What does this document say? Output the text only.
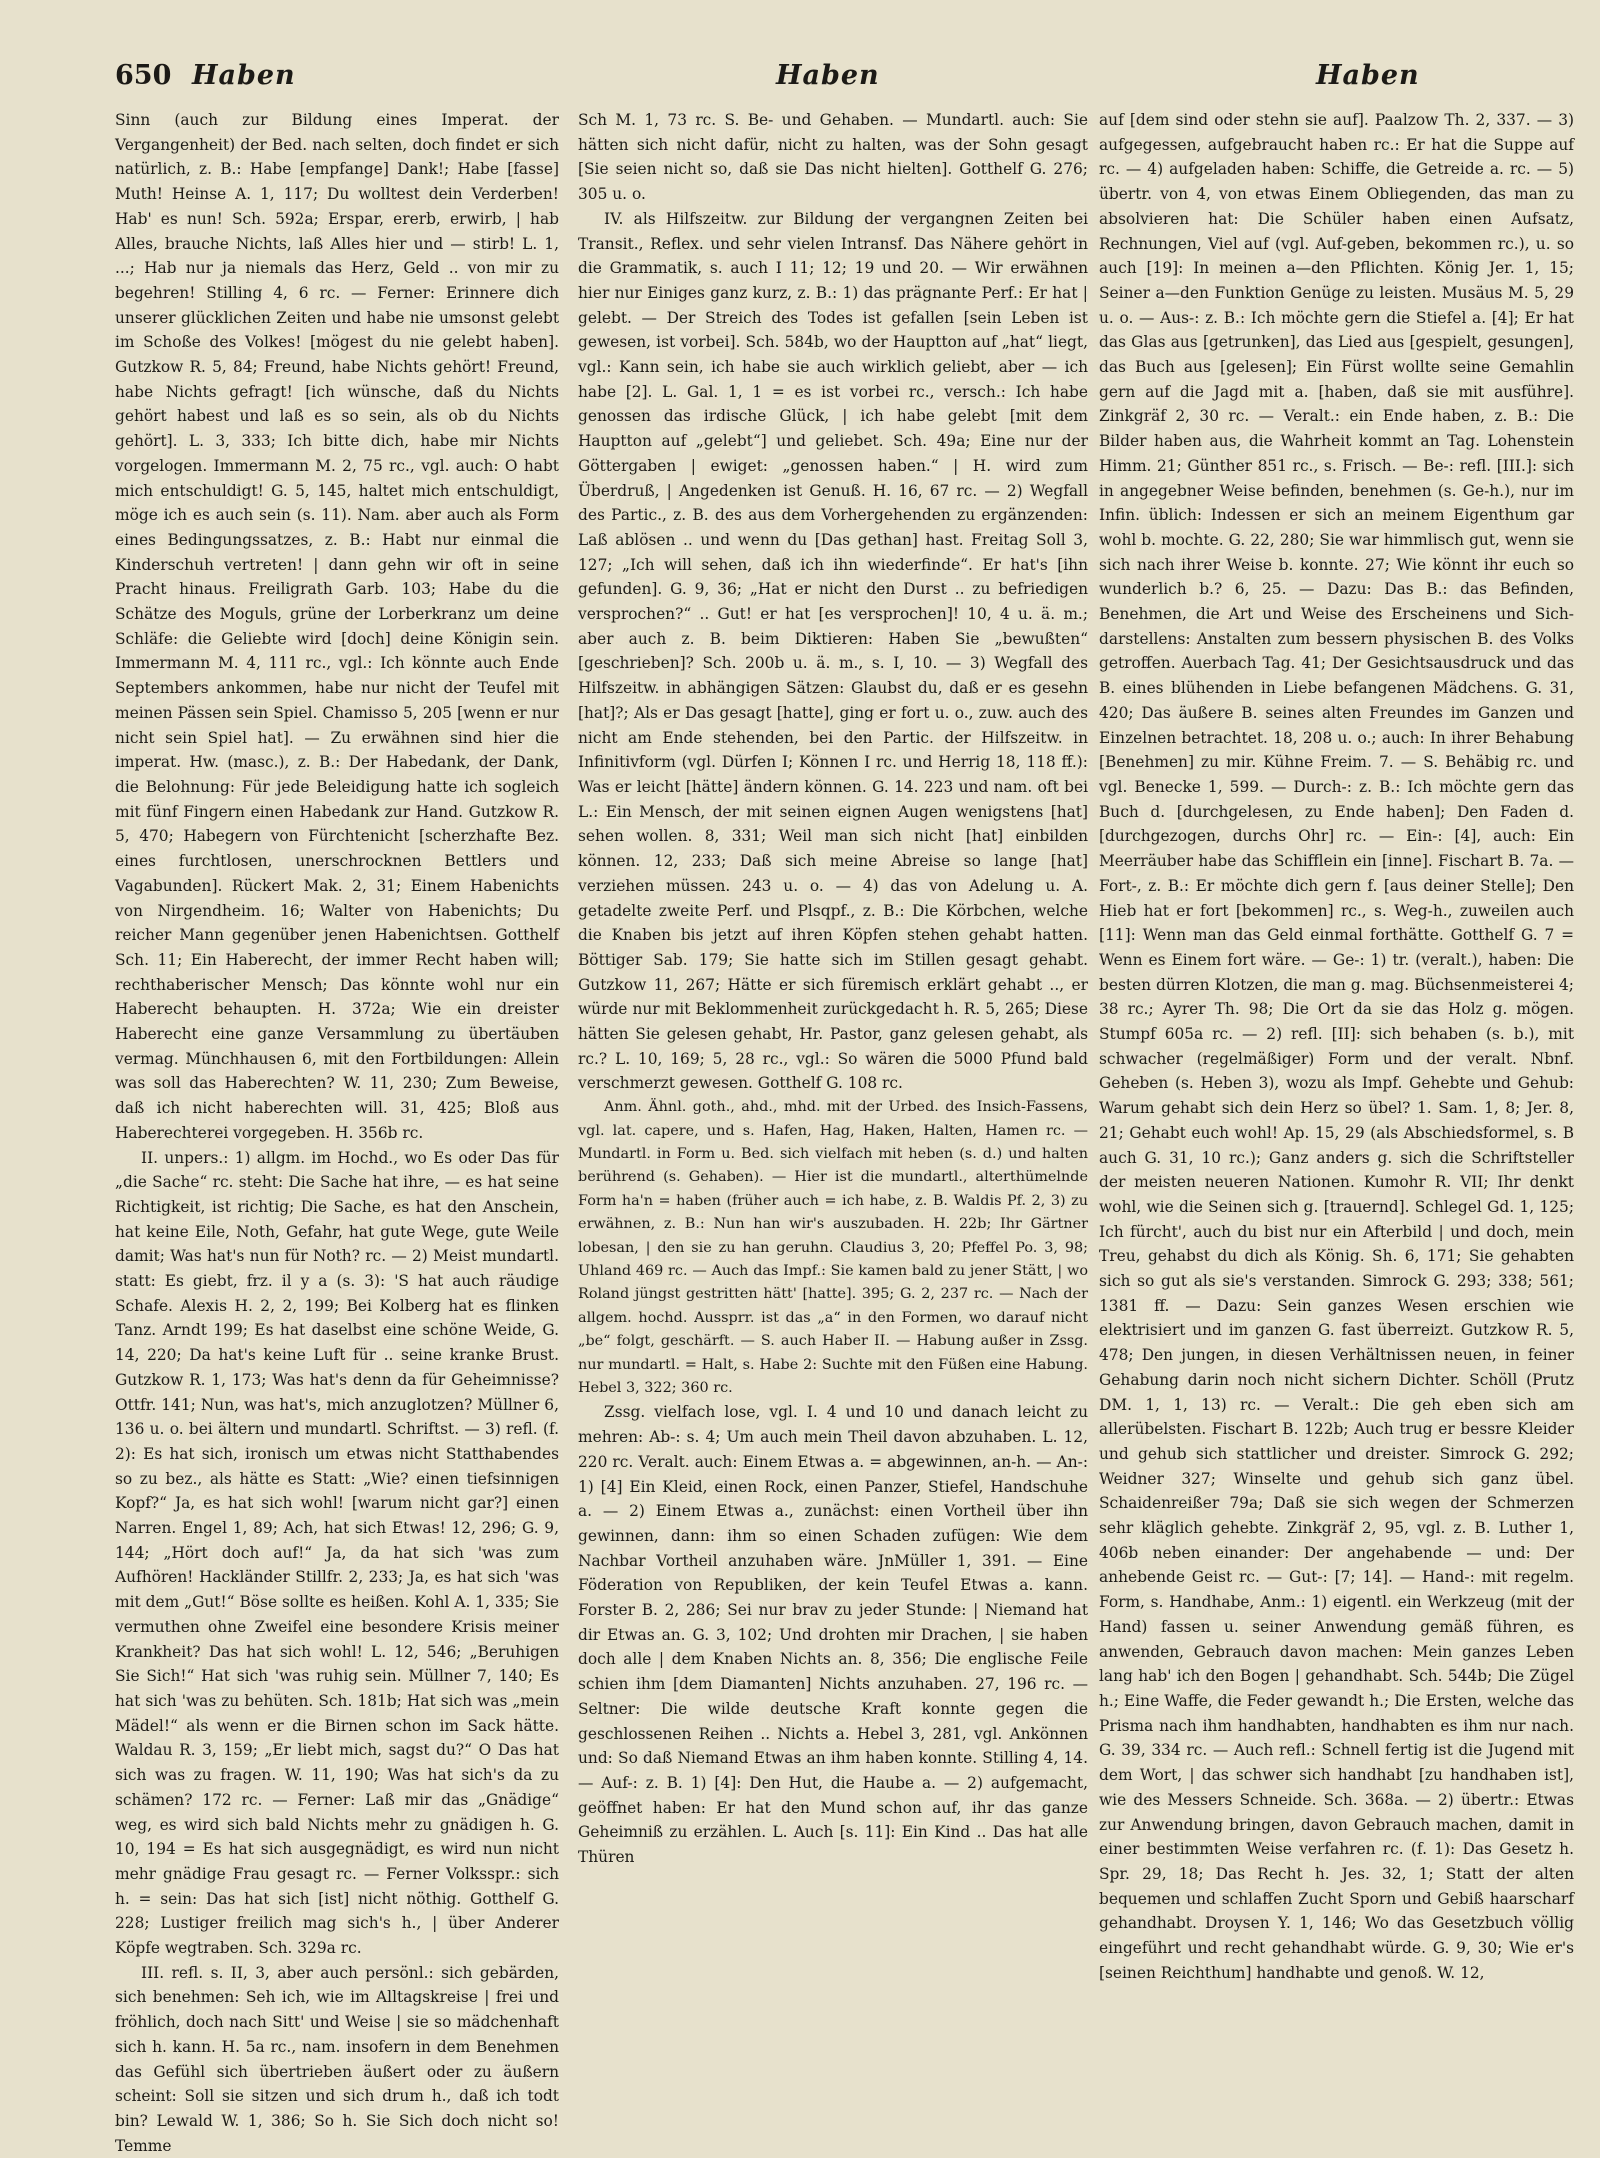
650 Haben	Haben	Haben

Sinn (auch zur Bildung eines Imperat. der Vergangenheit) der Bed. nach selten, doch findet er sich natürlich, z. B.: Habe [empfange] Dank!; Habe [fasse] Muth! Heinse A. 1, 117; Du wolltest dein Verderben! Hab' es nun! Sch. 592a; Erspar, ererb, erwirb, | hab Alles, brauche Nichts, laß Alles hier und — stirb! L. 1, ...; Hab nur ja niemals das Herz, Geld .. von mir zu begehren! Stilling 4, 6 rc. — Ferner: Erinnere dich unserer glücklichen Zeiten und habe nie umsonst gelebt im Schoße des Volkes! [mögest du nie gelebt haben]. Gutzkow R. 5, 84; Freund, habe Nichts gehört! Freund, habe Nichts gefragt! [ich wünsche, daß du Nichts gehört habest und laß es so sein, als ob du Nichts gehört]. L. 3, 333; Ich bitte dich, habe mir Nichts vorgelogen. Immermann M. 2, 75 rc., vgl. auch: O habt mich entschuldigt! G. 5, 145, haltet mich entschuldigt, möge ich es auch sein (s. 11). Nam. aber auch als Form eines Bedingungssatzes, z. B.: Habt nur einmal die Kinderschuh vertreten! | dann gehn wir oft in seine Pracht hinaus. Freiligrath Garb. 103; Habe du die Schätze des Moguls, grüne der Lorberkranz um deine Schläfe: die Geliebte wird [doch] deine Königin sein. Immermann M. 4, 111 rc., vgl.: Ich könnte auch Ende Septembers ankommen, habe nur nicht der Teufel mit meinen Pässen sein Spiel. Chamisso 5, 205 [wenn er nur nicht sein Spiel hat]. — Zu erwähnen sind hier die imperat. Hw. (masc.), z. B.: Der Habedank, der Dank, die Belohnung: Für jede Beleidigung hatte ich sogleich mit fünf Fingern einen Habedank zur Hand. Gutzkow R. 5, 470; Habegern von Fürchtenicht [scherzhafte Bez. eines furchtlosen, unerschrocknen Bettlers und Vagabunden]. Rückert Mak. 2, 31; Einem Habenichts von Nirgendheim. 16; Walter von Habenichts; Du reicher Mann gegenüber jenen Habenichtsen. Gotthelf Sch. 11; Ein Haberecht, der immer Recht haben will; rechthaberischer Mensch; Das könnte wohl nur ein Haberecht behaupten. H. 372a; Wie ein dreister Haberecht eine ganze Versammlung zu übertäuben vermag. Münchhausen 6, mit den Fortbildungen: Allein was soll das Haberechten? W. 11, 230; Zum Beweise, daß ich nicht haberechten will. 31, 425; Bloß aus Haberechterei vorgegeben. H. 356b rc.

II. unpers.: 1) allgm. im Hochd., wo Es oder Das für „die Sache“ rc. steht: Die Sache hat ihre, — es hat seine Richtigkeit, ist richtig; Die Sache, es hat den Anschein, hat keine Eile, Noth, Gefahr, hat gute Wege, gute Weile damit; Was hat's nun für Noth? rc. — 2) Meist mundartl. statt: Es giebt, frz. il y a (s. 3): 'S hat auch räudige Schafe. Alexis H. 2, 2, 199; Bei Kolberg hat es flinken Tanz. Arndt 199; Es hat daselbst eine schöne Weide, G. 14, 220; Da hat's keine Luft für .. seine kranke Brust. Gutzkow R. 1, 173; Was hat's denn da für Geheimnisse? Ottfr. 141; Nun, was hat's, mich anzuglotzen? Müllner 6, 136 u. o. bei ältern und mundartl. Schriftst. — 3) refl. (f. 2): Es hat sich, ironisch um etwas nicht Statthabendes so zu bez., als hätte es Statt: „Wie? einen tiefsinnigen Kopf?“ Ja, es hat sich wohl! [warum nicht gar?] einen Narren. Engel 1, 89; Ach, hat sich Etwas! 12, 296; G. 9, 144; „Hört doch auf!“ Ja, da hat sich 'was zum Aufhören! Hackländer Stillfr. 2, 233; Ja, es hat sich 'was mit dem „Gut!“ Böse sollte es heißen. Kohl A. 1, 335; Sie vermuthen ohne Zweifel eine besondere Krisis meiner Krankheit? Das hat sich wohl! L. 12, 546; „Beruhigen Sie Sich!“ Hat sich 'was ruhig sein. Müllner 7, 140; Es hat sich 'was zu behüten. Sch. 181b; Hat sich was „mein Mädel!“ als wenn er die Birnen schon im Sack hätte. Waldau R. 3, 159; „Er liebt mich, sagst du?“ O Das hat sich was zu fragen. W. 11, 190; Was hat sich's da zu schämen? 172 rc. — Ferner: Laß mir das „Gnädige“ weg, es wird sich bald Nichts mehr zu gnädigen h. G. 10, 194 = Es hat sich ausgegnädigt, es wird nun nicht mehr gnädige Frau gesagt rc. — Ferner Volksspr.: sich h. = sein: Das hat sich [ist] nicht nöthig. Gotthelf G. 228; Lustiger freilich mag sich's h., | über Anderer Köpfe wegtraben. Sch. 329a rc.

III. refl. s. II, 3, aber auch persönl.: sich gebärden, sich benehmen: Seh ich, wie im Alltagskreise | frei und fröhlich, doch nach Sitt' und Weise | sie so mädchenhaft sich h. kann. H. 5a rc., nam. insofern in dem Benehmen das Gefühl sich übertrieben äußert oder zu äußern scheint: Soll sie sitzen und sich drum h., daß ich todt bin? Lewald W. 1, 386; So h. Sie Sich doch nicht so! Temme

Sch M. 1, 73 rc. S. Be- und Gehaben. — Mundartl. auch: Sie hätten sich nicht dafür, nicht zu halten, was der Sohn gesagt [Sie seien nicht so, daß sie Das nicht hielten]. Gotthelf G. 276; 305 u. o.

IV. als Hilfszeitw. zur Bildung der vergangnen Zeiten bei Transit., Reflex. und sehr vielen Intransf. Das Nähere gehört in die Grammatik, s. auch I 11; 12; 19 und 20. — Wir erwähnen hier nur Einiges ganz kurz, z. B.: 1) das prägnante Perf.: Er hat | gelebt. — Der Streich des Todes ist gefallen [sein Leben ist gewesen, ist vorbei]. Sch. 584b, wo der Hauptton auf „hat“ liegt, vgl.: Kann sein, ich habe sie auch wirklich geliebt, aber — ich habe [2]. L. Gal. 1, 1 = es ist vorbei rc., versch.: Ich habe genossen das irdische Glück, | ich habe gelebt [mit dem Hauptton auf „gelebt“] und geliebet. Sch. 49a; Eine nur der Göttergaben | ewiget: „genossen haben.“ | H. wird zum Überdruß, | Angedenken ist Genuß. H. 16, 67 rc. — 2) Wegfall des Partic., z. B. des aus dem Vorhergehenden zu ergänzenden: Laß ablösen .. und wenn du [Das gethan] hast. Freitag Soll 3, 127; „Ich will sehen, daß ich ihn wiederfinde“. Er hat's [ihn gefunden]. G. 9, 36; „Hat er nicht den Durst .. zu befriedigen versprochen?“ .. Gut! er hat [es versprochen]! 10, 4 u. ä. m.; aber auch z. B. beim Diktieren: Haben Sie „bewußten“ [geschrieben]? Sch. 200b u. ä. m., s. I, 10. — 3) Wegfall des Hilfszeitw. in abhängigen Sätzen: Glaubst du, daß er es gesehn [hat]?; Als er Das gesagt [hatte], ging er fort u. o., zuw. auch des nicht am Ende stehenden, bei den Partic. der Hilfszeitw. in Infinitivform (vgl. Dürfen I; Können I rc. und Herrig 18, 118 ff.): Was er leicht [hätte] ändern können. G. 14. 223 und nam. oft bei L.: Ein Mensch, der mit seinen eignen Augen wenigstens [hat] sehen wollen. 8, 331; Weil man sich nicht [hat] einbilden können. 12, 233; Daß sich meine Abreise so lange [hat] verziehen müssen. 243 u. o. — 4) das von Adelung u. A. getadelte zweite Perf. und Plsqpf., z. B.: Die Körbchen, welche die Knaben bis jetzt auf ihren Köpfen stehen gehabt hatten. Böttiger Sab. 179; Sie hatte sich im Stillen gesagt gehabt. Gutzkow 11, 267; Hätte er sich füremisch erklärt gehabt .., er würde nur mit Beklommenheit zurückgedacht h. R. 5, 265; Diese hätten Sie gelesen gehabt, Hr. Pastor, ganz gelesen gehabt, als rc.? L. 10, 169; 5, 28 rc., vgl.: So wären die 5000 Pfund bald verschmerzt gewesen. Gotthelf G. 108 rc.

Anm. Ähnl. goth., ahd., mhd. mit der Urbed. des Insich-Fassens, vgl. lat. capere, und s. Hafen, Hag, Haken, Halten, Hamen rc. — Mundartl. in Form u. Bed. sich vielfach mit heben (s. d.) und halten berührend (s. Gehaben). — Hier ist die mundartl., alterthümelnde Form ha'n = haben (früher auch = ich habe, z. B. Waldis Pf. 2, 3) zu erwähnen, z. B.: Nun han wir's auszubaden. H. 22b; Ihr Gärtner lobesan, | den sie zu han geruhn. Claudius 3, 20; Pfeffel Po. 3, 98; Uhland 469 rc. — Auch das Impf.: Sie kamen bald zu jener Stätt, | wo Roland jüngst gestritten hätt' [hatte]. 395; G. 2, 237 rc. — Nach der allgem. hochd. Aussprr. ist das „a“ in den Formen, wo darauf nicht „be“ folgt, geschärft. — S. auch Haber II. — Habung außer in Zssg. nur mundartl. = Halt, s. Habe 2: Suchte mit den Füßen eine Habung. Hebel 3, 322; 360 rc.

Zssg. vielfach lose, vgl. I. 4 und 10 und danach leicht zu mehren: Ab-: s. 4; Um auch mein Theil davon abzuhaben. L. 12, 220 rc. Veralt. auch: Einem Etwas a. = abgewinnen, an-h. — An-: 1) [4] Ein Kleid, einen Rock, einen Panzer, Stiefel, Handschuhe a. — 2) Einem Etwas a., zunächst: einen Vortheil über ihn gewinnen, dann: ihm so einen Schaden zufügen: Wie dem Nachbar Vortheil anzuhaben wäre. JnMüller 1, 391. — Eine Föderation von Republiken, der kein Teufel Etwas a. kann. Forster B. 2, 286; Sei nur brav zu jeder Stunde: | Niemand hat dir Etwas an. G. 3, 102; Und drohten mir Drachen, | sie haben doch alle | dem Knaben Nichts an. 8, 356; Die englische Feile schien ihm [dem Diamanten] Nichts anzuhaben. 27, 196 rc. — Seltner: Die wilde deutsche Kraft konnte gegen die geschlossenen Reihen .. Nichts a. Hebel 3, 281, vgl. Ankönnen und: So daß Niemand Etwas an ihm haben konnte. Stilling 4, 14. — Auf-: z. B. 1) [4]: Den Hut, die Haube a. — 2) aufgemacht, geöffnet haben: Er hat den Mund schon auf, ihr das ganze Geheimniß zu erzählen. L. Auch [s. 11]: Ein Kind .. Das hat alle Thüren

auf [dem sind oder stehn sie auf]. Paalzow Th. 2, 337. — 3) aufgegessen, aufgebraucht haben rc.: Er hat die Suppe auf rc. — 4) aufgeladen haben: Schiffe, die Getreide a. rc. — 5) übertr. von 4, von etwas Einem Obliegenden, das man zu absolvieren hat: Die Schüler haben einen Aufsatz, Rechnungen, Viel auf (vgl. Auf-geben, bekommen rc.), u. so auch [19]: In meinen a—den Pflichten. König Jer. 1, 15; Seiner a—den Funktion Genüge zu leisten. Musäus M. 5, 29 u. o. — Aus-: z. B.: Ich möchte gern die Stiefel a. [4]; Er hat das Glas aus [getrunken], das Lied aus [gespielt, gesungen], das Buch aus [gelesen]; Ein Fürst wollte seine Gemahlin gern auf die Jagd mit a. [haben, daß sie mit ausführe]. Zinkgräf 2, 30 rc. — Veralt.: ein Ende haben, z. B.: Die Bilder haben aus, die Wahrheit kommt an Tag. Lohenstein Himm. 21; Günther 851 rc., s. Frisch. — Be-: refl. [III.]: sich in angegebner Weise befinden, benehmen (s. Ge-h.), nur im Infin. üblich: Indessen er sich an meinem Eigenthum gar wohl b. mochte. G. 22, 280; Sie war himmlisch gut, wenn sie sich nach ihrer Weise b. konnte. 27; Wie könnt ihr euch so wunderlich b.? 6, 25. — Dazu: Das B.: das Befinden, Benehmen, die Art und Weise des Erscheinens und Sich-darstellens: Anstalten zum bessern physischen B. des Volks getroffen. Auerbach Tag. 41; Der Gesichtsausdruck und das B. eines blühenden in Liebe befangenen Mädchens. G. 31, 420; Das äußere B. seines alten Freundes im Ganzen und Einzelnen betrachtet. 18, 208 u. o.; auch: In ihrer Behabung [Benehmen] zu mir. Kühne Freim. 7. — S. Behäbig rc. und vgl. Benecke 1, 599. — Durch-: z. B.: Ich möchte gern das Buch d. [durchgelesen, zu Ende haben]; Den Faden d. [durchgezogen, durchs Ohr] rc. — Ein-: [4], auch: Ein Meerräuber habe das Schifflein ein [inne]. Fischart B. 7a. — Fort-, z. B.: Er möchte dich gern f. [aus deiner Stelle]; Den Hieb hat er fort [bekommen] rc., s. Weg-h., zuweilen auch [11]: Wenn man das Geld einmal forthätte. Gotthelf G. 7 = Wenn es Einem fort wäre. — Ge-: 1) tr. (veralt.), haben: Die besten dürren Klotzen, die man g. mag. Büchsenmeisterei 4; 38 rc.; Ayrer Th. 98; Die Ort da sie das Holz g. mögen. Stumpf 605a rc. — 2) refl. [II]: sich behaben (s. b.), mit schwacher (regelmäßiger) Form und der veralt. Nbnf. Geheben (s. Heben 3), wozu als Impf. Gehebte und Gehub: Warum gehabt sich dein Herz so übel? 1. Sam. 1, 8; Jer. 8, 21; Gehabt euch wohl! Ap. 15, 29 (als Abschiedsformel, s. B auch G. 31, 10 rc.); Ganz anders g. sich die Schriftsteller der meisten neueren Nationen. Kumohr R. VII; Ihr denkt wohl, wie die Seinen sich g. [trauernd]. Schlegel Gd. 1, 125; Ich fürcht', auch du bist nur ein Afterbild | und doch, mein Treu, gehabst du dich als König. Sh. 6, 171; Sie gehabten sich so gut als sie's verstanden. Simrock G. 293; 338; 561; 1381 ff. — Dazu: Sein ganzes Wesen erschien wie elektrisiert und im ganzen G. fast überreizt. Gutzkow R. 5, 478; Den jungen, in diesen Verhältnissen neuen, in feiner Gehabung darin noch nicht sichern Dichter. Schöll (Prutz DM. 1, 1, 13) rc. — Veralt.: Die geh eben sich am allerübelsten. Fischart B. 122b; Auch trug er bessre Kleider und gehub sich stattlicher und dreister. Simrock G. 292; Weidner 327; Winselte und gehub sich ganz übel. Schaidenreißer 79a; Daß sie sich wegen der Schmerzen sehr kläglich gehebte. Zinkgräf 2, 95, vgl. z. B. Luther 1, 406b neben einander: Der angehabende — und: Der anhebende Geist rc. — Gut-: [7; 14]. — Hand-: mit regelm. Form, s. Handhabe, Anm.: 1) eigentl. ein Werkzeug (mit der Hand) fassen u. seiner Anwendung gemäß führen, es anwenden, Gebrauch davon machen: Mein ganzes Leben lang hab' ich den Bogen | gehandhabt. Sch. 544b; Die Zügel h.; Eine Waffe, die Feder gewandt h.; Die Ersten, welche das Prisma nach ihm handhabten, handhabten es ihm nur nach. G. 39, 334 rc. — Auch refl.: Schnell fertig ist die Jugend mit dem Wort, | das schwer sich handhabt [zu handhaben ist], wie des Messers Schneide. Sch. 368a. — 2) übertr.: Etwas zur Anwendung bringen, davon Gebrauch machen, damit in einer bestimmten Weise verfahren rc. (f. 1): Das Gesetz h. Spr. 29, 18; Das Recht h. Jes. 32, 1; Statt der alten bequemen und schlaffen Zucht Sporn und Gebiß haarscharf gehandhabt. Droysen Y. 1, 146; Wo das Gesetzbuch völlig eingeführt und recht gehandhabt würde. G. 9, 30; Wie er's [seinen Reichthum] handhabte und genoß. W. 12,
